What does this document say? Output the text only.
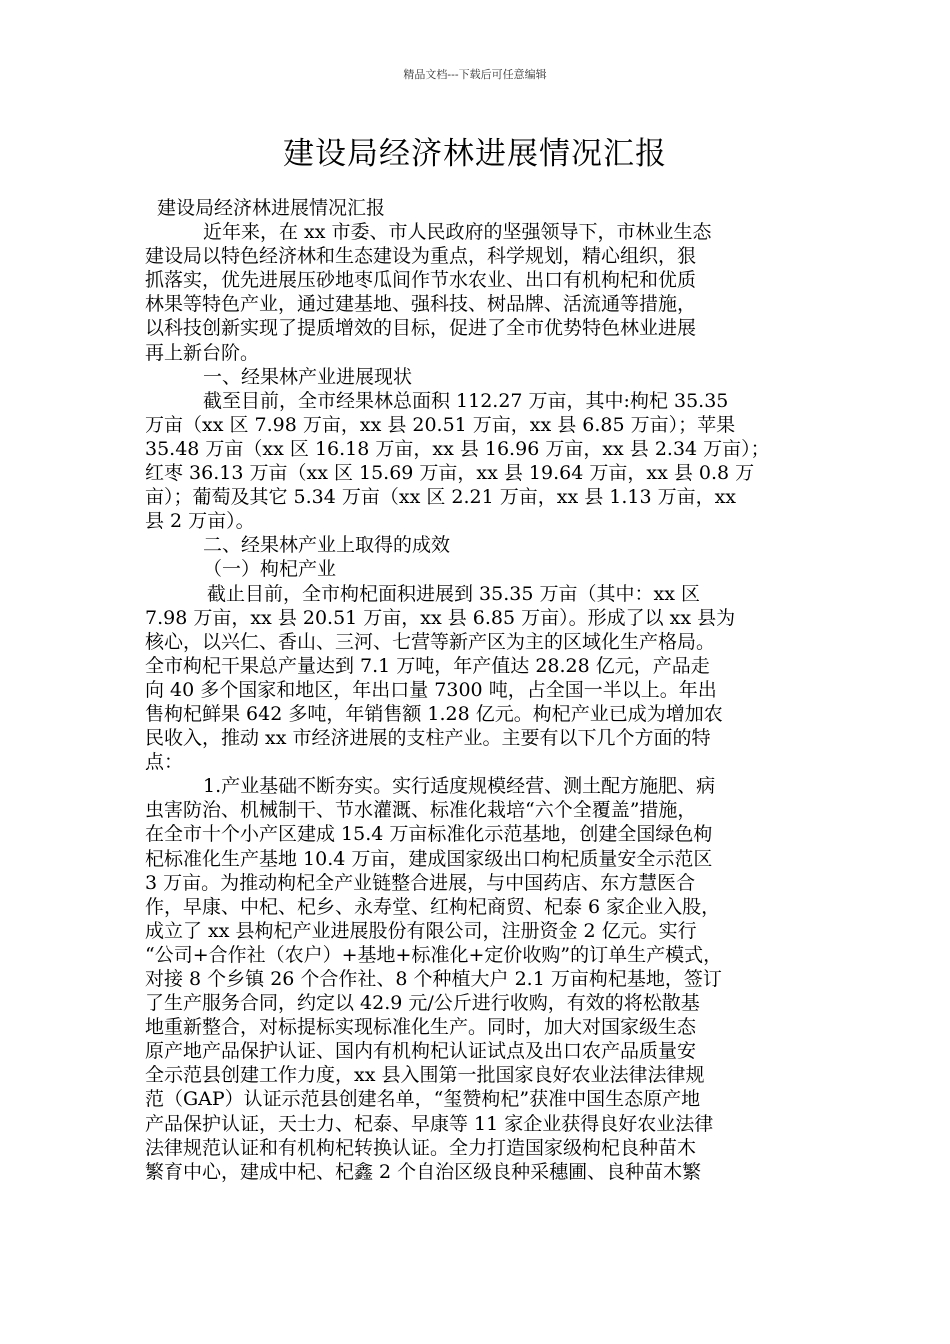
精品文档---下载后可任意编辑
建设局经济林进展情况汇报
建设局经济林进展情况汇报
近年来，在 xx 市委、市人民政府的坚强领导下，市林业生态
建设局以特色经济林和生态建设为重点，科学规划，精心组织，狠
抓落实，优先进展压砂地枣瓜间作节水农业、出口有机枸杞和优质
林果等特色产业，通过建基地、强科技、树品牌、活流通等措施，
以科技创新实现了提质增效的目标，促进了全市优势特色林业进展
再上新台阶。
一、经果林产业进展现状
截至目前，全市经果林总面积 112.27 万亩，其中:枸杞 35.35
万亩（xx 区 7.98 万亩，xx 县 20.51 万亩，xx 县 6.85 万亩）；苹果
35.48 万亩（xx 区 16.18 万亩，xx 县 16.96 万亩，xx 县 2.34 万亩）；
红枣 36.13 万亩（xx 区 15.69 万亩，xx 县 19.64 万亩，xx 县 0.8 万
亩）；葡萄及其它 5.34 万亩（xx 区 2.21 万亩，xx 县 1.13 万亩，xx
县 2 万亩）。
二、经果林产业上取得的成效
（一）枸杞产业
截止目前，全市枸杞面积进展到 35.35 万亩（其中：xx 区
7.98 万亩，xx 县 20.51 万亩，xx 县 6.85 万亩）。形成了以 xx 县为
核心，以兴仁、香山、三河、七营等新产区为主的区域化生产格局。
全市枸杞干果总产量达到 7.1 万吨，年产值达 28.28 亿元，产品走
向 40 多个国家和地区，年出口量 7300 吨，占全国一半以上。年出
售枸杞鲜果 642 多吨，年销售额 1.28 亿元。枸杞产业已成为增加农
民收入，推动 xx 市经济进展的支柱产业。主要有以下几个方面的特
点：
1.产业基础不断夯实。实行适度规模经营、测土配方施肥、病
虫害防治、机械制干、节水灌溉、标准化栽培“六个全覆盖”措施，
在全市十个小产区建成 15.4 万亩标准化示范基地，创建全国绿色枸
杞标准化生产基地 10.4 万亩，建成国家级出口枸杞质量安全示范区
3 万亩。为推动枸杞全产业链整合进展，与中国药店、东方慧医合
作，早康、中杞、杞乡、永寿堂、红枸杞商贸、杞泰 6 家企业入股，
成立了 xx 县枸杞产业进展股份有限公司，注册资金 2 亿元。实行
“公司+合作社（农户）+基地+标准化+定价收购”的订单生产模式，
对接 8 个乡镇 26 个合作社、8 个种植大户 2.1 万亩枸杞基地，签订
了生产服务合同，约定以 42.9 元/公斤进行收购，有效的将松散基
地重新整合，对标提标实现标准化生产。同时，加大对国家级生态
原产地产品保护认证、国内有机枸杞认证试点及出口农产品质量安
全示范县创建工作力度，xx 县入围第一批国家良好农业法律法律规
范（GAP）认证示范县创建名单，“玺赞枸杞”获准中国生态原产地
产品保护认证，天士力、杞泰、早康等 11 家企业获得良好农业法律
法律规范认证和有机枸杞转换认证。全力打造国家级枸杞良种苗木
繁育中心，建成中杞、杞鑫 2 个自治区级良种采穗圃、良种苗木繁
